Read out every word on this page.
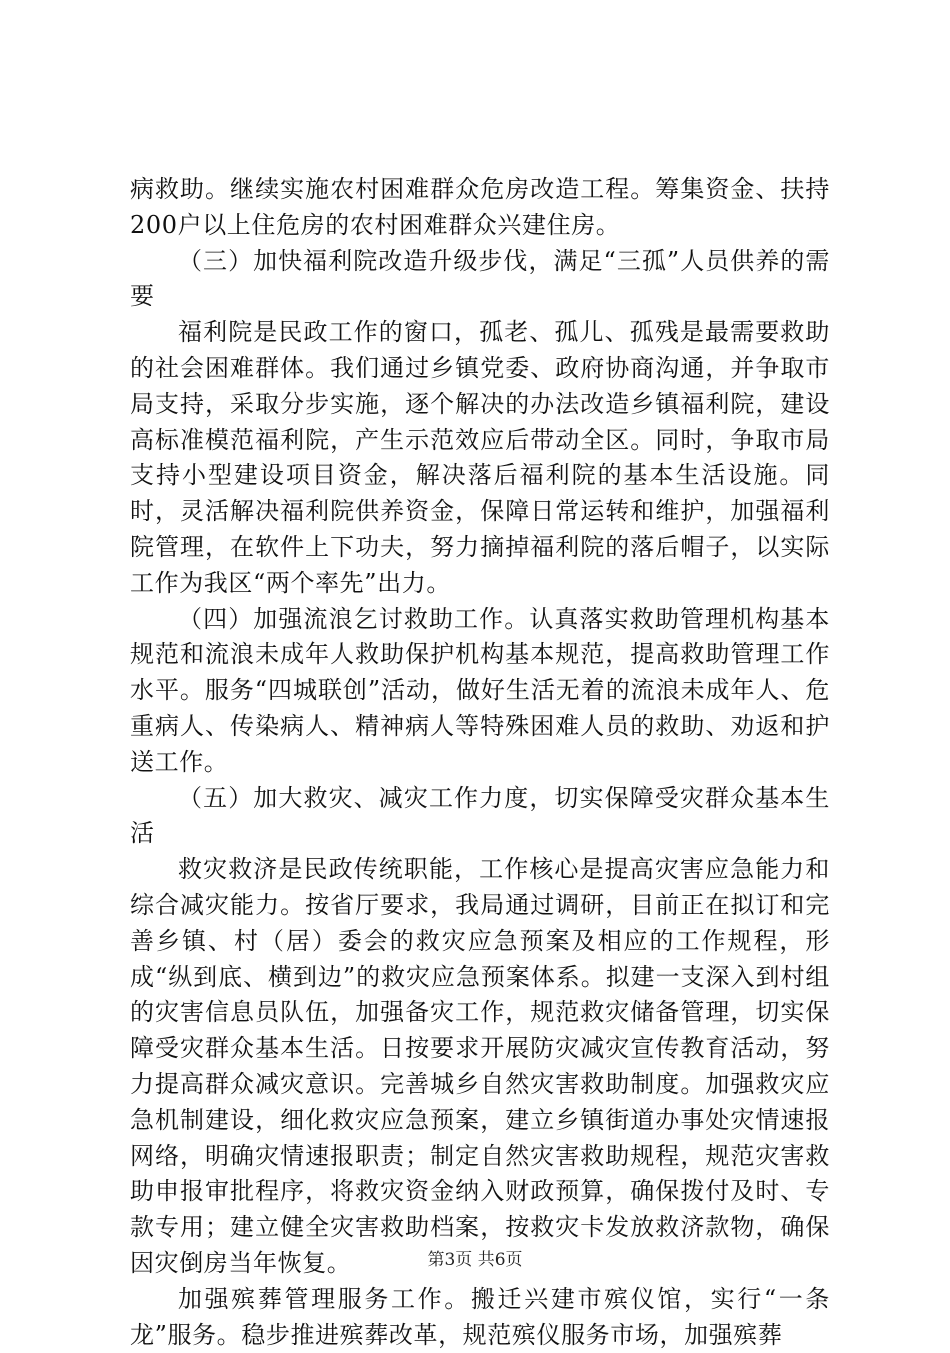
病救助。继续实施农村困难群众危房改造工程。筹集资金、扶持200户以上住危房的农村困难群众兴建住房。

（三）加快福利院改造升级步伐，满足“三孤”人员供养的需要

福利院是民政工作的窗口，孤老、孤儿、孤残是最需要救助的社会困难群体。我们通过乡镇党委、政府协商沟通，并争取市局支持，采取分步实施，逐个解决的办法改造乡镇福利院，建设高标准模范福利院，产生示范效应后带动全区。同时，争取市局支持小型建设项目资金，解决落后福利院的基本生活设施。同时，灵活解决福利院供养资金，保障日常运转和维护，加强福利院管理，在软件上下功夫，努力摘掉福利院的落后帽子，以实际工作为我区“两个率先”出力。

（四）加强流浪乞讨救助工作。认真落实救助管理机构基本规范和流浪未成年人救助保护机构基本规范，提高救助管理工作水平。服务“四城联创”活动，做好生活无着的流浪未成年人、危重病人、传染病人、精神病人等特殊困难人员的救助、劝返和护送工作。

（五）加大救灾、减灾工作力度，切实保障受灾群众基本生活

救灾救济是民政传统职能，工作核心是提高灾害应急能力和综合减灾能力。按省厅要求，我局通过调研，目前正在拟订和完善乡镇、村（居）委会的救灾应急预案及相应的工作规程，形成“纵到底、横到边”的救灾应急预案体系。拟建一支深入到村组的灾害信息员队伍，加强备灾工作，规范救灾储备管理，切实保障受灾群众基本生活。日按要求开展防灾减灾宣传教育活动，努力提高群众减灾意识。完善城乡自然灾害救助制度。加强救灾应急机制建设，细化救灾应急预案，建立乡镇街道办事处灾情速报网络，明确灾情速报职责；制定自然灾害救助规程，规范灾害救助申报审批程序，将救灾资金纳入财政预算，确保拨付及时、专款专用；建立健全灾害救助档案，按救灾卡发放救济款物，确保因灾倒房当年恢复。

加强殡葬管理服务工作。搬迁兴建市殡仪馆，实行“一条龙”服务。稳步推进殡葬改革，规范殡仪服务市场，加强殡葬

第3页 共6页
